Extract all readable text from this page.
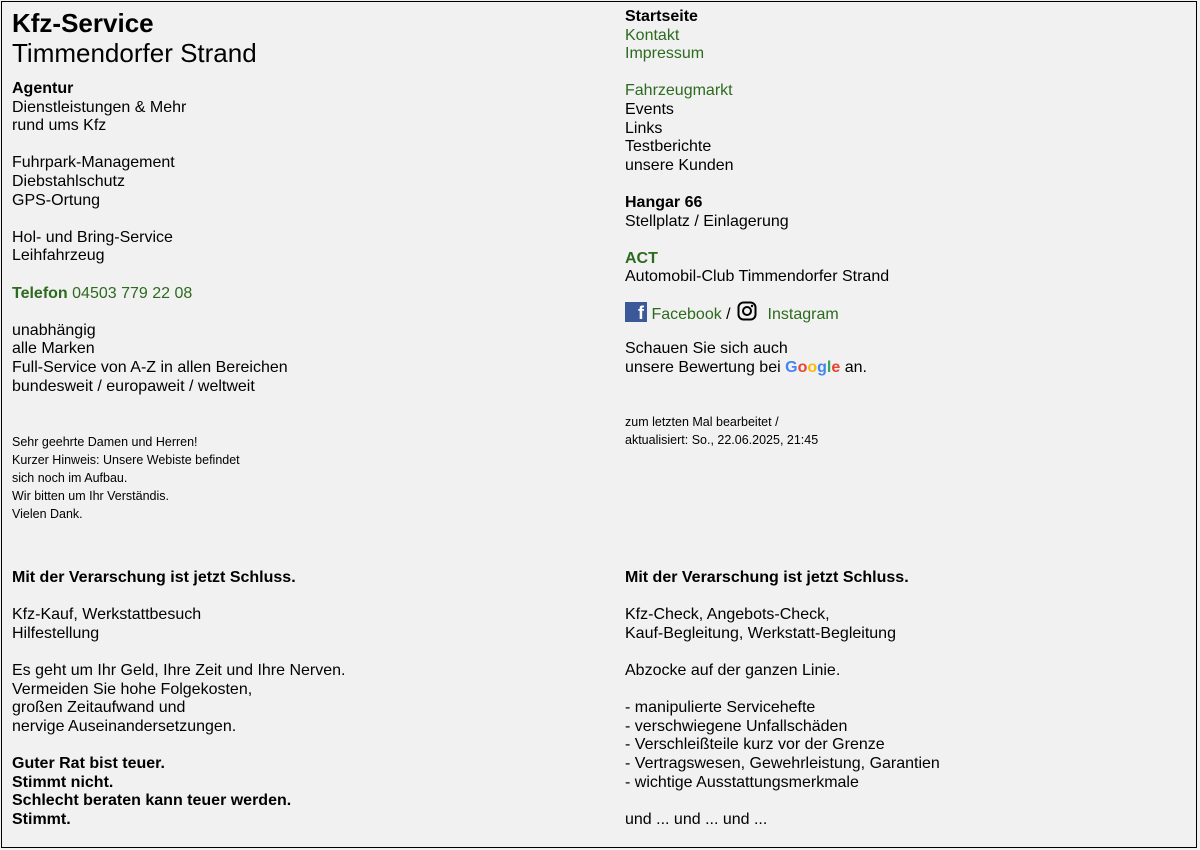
Kfz-Service
Timmendorfer Strand
Agentur
Dienstleistungen & Mehr
rund ums Kfz
Fuhrpark-Management
Diebstahlschutz
GPS-Ortung
Hol- und Bring-Service
Leihfahrzeug
Telefon 04503 779 22 08
unabhängig
alle Marken
Full-Service von A-Z in allen Bereichen
bundesweit / europaweit / weltweit
Sehr geehrte Damen und Herren!
Kurzer Hinweis: Unsere Webiste befindet
sich noch im Aufbau.
Wir bitten um Ihr Verständis.
Vielen Dank.
Startseite
Kontakt
Impressum
Fahrzeugmarkt
Events
Links
Testberichte
unsere Kunden
Hangar 66
Stellplatz / Einlagerung
ACT
Automobil-Club Timmendorfer Strand
f Facebook / Instagram
Schauen Sie sich auch
unsere Bewertung bei Google an.
zum letzten Mal bearbeitet /
aktualisiert: So., 22.06.2025, 21:45
Mit der Verarschung ist jetzt Schluss.
Kfz-Kauf, Werkstattbesuch
Hilfestellung
Es geht um Ihr Geld, Ihre Zeit und Ihre Nerven.
Vermeiden Sie hohe Folgekosten,
großen Zeitaufwand und
nervige Auseinandersetzungen.
Guter Rat bist teuer.
Stimmt nicht.
Schlecht beraten kann teuer werden.
Stimmt.
Mit der Verarschung ist jetzt Schluss.
Kfz-Check, Angebots-Check,
Kauf-Begleitung, Werkstatt-Begleitung
Abzocke auf der ganzen Linie.
- manipulierte Servicehefte
- verschwiegene Unfallschäden
- Verschleißteile kurz vor der Grenze
- Vertragswesen, Gewehrleistung, Garantien
- wichtige Ausstattungsmerkmale
und ... und ... und ...
